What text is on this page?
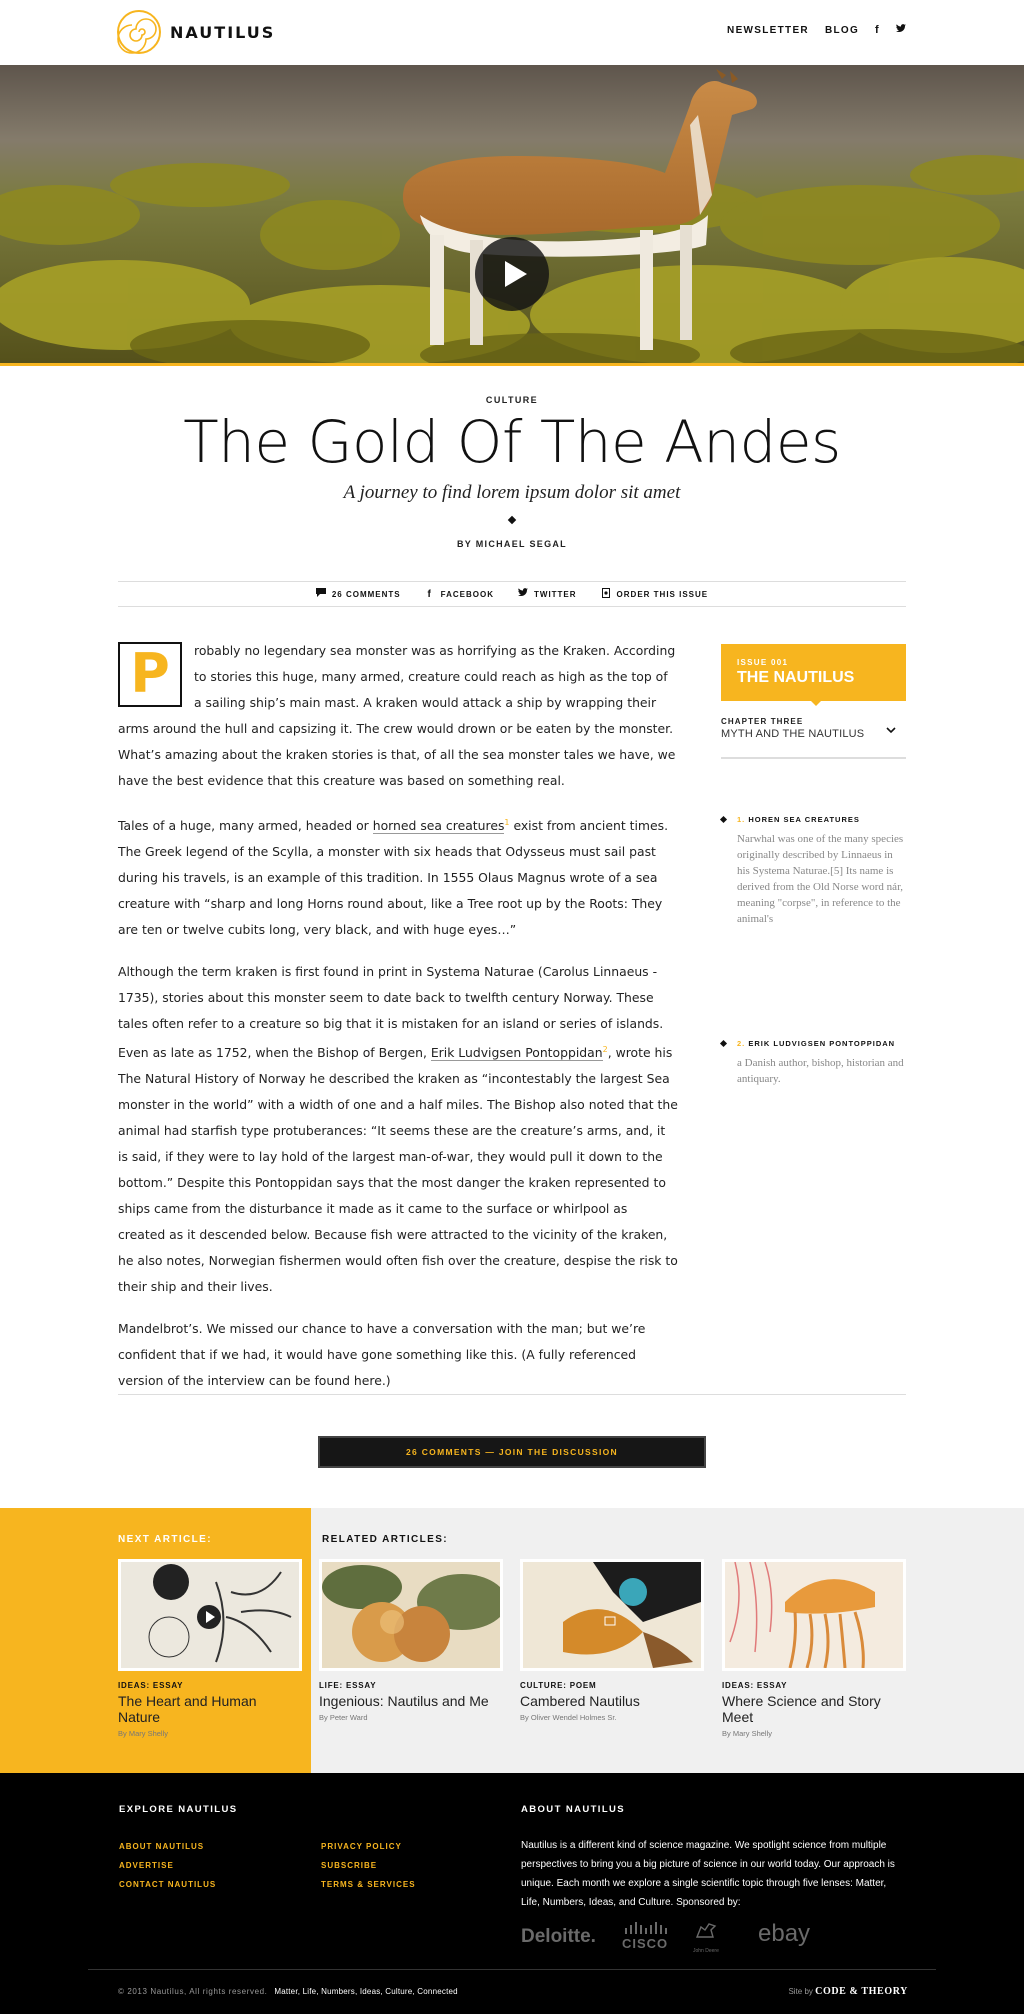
NAUTILUS	NEWSLETTER BLOG f
CULTURE
The Gold Of The Andes
A journey to find lorem ipsum dolor sit amet
BY MICHAEL SEGAL
26 COMMENTS	f	FACEBOOK	TWITTER	ORDER THIS ISSUE

P	robably no legendary sea monster was as horrifying as the Kraken. According to stories this huge, many armed, creature could reach as high as the top of a sailing ship’s main mast. A kraken would attack a ship by wrapping their arms around the hull and capsizing it. The crew would drown or be eaten by the monster. What’s amazing about the kraken stories is that, of all the sea monster tales we have, we have the best evidence that this creature was based on something real.

Tales of a huge, many armed, headed or horned sea creatures$^1$ exist from ancient times. The Greek legend of the Scylla, a monster with six heads that Odysseus must sail past during his travels, is an example of this tradition. In 1555 Olaus Magnus wrote of a sea creature with “sharp and long Horns round about, like a Tree root up by the Roots: They are ten or twelve cubits long, very black, and with huge eyes…”

Although the term kraken is first found in print in Systema Naturae (Carolus Linnaeus - 1735), stories about this monster seem to date back to twelfth century Norway. These tales often refer to a creature so big that it is mistaken for an island or series of islands. Even as late as 1752, when the Bishop of Bergen, Erik Ludvigsen Pontoppidan$^2$, wrote his The Natural History of Norway he described the kraken as “incontestably the largest Sea monster in the world” with a width of one and a half miles. The Bishop also noted that the animal had starfish type protuberances: “It seems these are the creature’s arms, and, it is said, if they were to lay hold of the largest man-of-war, they would pull it down to the bottom.” Despite this Pontoppidan says that the most danger the kraken represented to ships came from the disturbance it made as it came to the surface or whirlpool as created as it descended below. Because fish were attracted to the vicinity of the kraken, he also notes, Norwegian fishermen would often fish over the creature, despise the risk to their ship and their lives.

Mandelbrot’s. We missed our chance to have a conversation with the man; but we’re confident that if we had, it would have gone something like this. (A fully referenced version of the interview can be found here.)

ISSUE 001
THE NAUTILUS
CHAPTER THREE
MYTH AND THE NAUTILUS
1. HOREN SEA CREATURES
Narwhal was one of the many species originally described by Linnaeus in his Systema Naturae.[5] Its name is derived from the Old Norse word nár, meaning "corpse", in reference to the animal's
2. ERIK LUDVIGSEN PONTOPPIDAN
a Danish author, bishop, historian and antiquary.
26 COMMENTS — JOIN THE DISCUSSION
NEXT ARTICLE:	RELATED ARTICLES:
IDEAS: ESSAY
The Heart and Human Nature
By Mary Shelly
LIFE: ESSAY
Ingenious: Nautilus and Me
By Peter Ward
CULTURE: POEM
Cambered Nautilus
By Oliver Wendel Holmes Sr.
IDEAS: ESSAY
Where Science and Story Meet
By Mary Shelly
EXPLORE NAUTILUS
ABOUT NAUTILUS
ADVERTISE
CONTACT NAUTILUS
PRIVACY POLICY
SUBSCRIBE
TERMS & SERVICES
ABOUT NAUTILUS
Nautilus is a different kind of science magazine. We spotlight science from multiple perspectives to bring you a big picture of science in our world today. Our approach is unique. Each month we explore a single scientific topic through five lenses: Matter, Life, Numbers, Ideas, and Culture. Sponsored by:
Deloitte. CISCO	John Deere
ebay
© 2013 Nautilus, All rights reserved. Matter, Life, Numbers, Ideas, Culture, Connected	Site by CODE & THEORY
